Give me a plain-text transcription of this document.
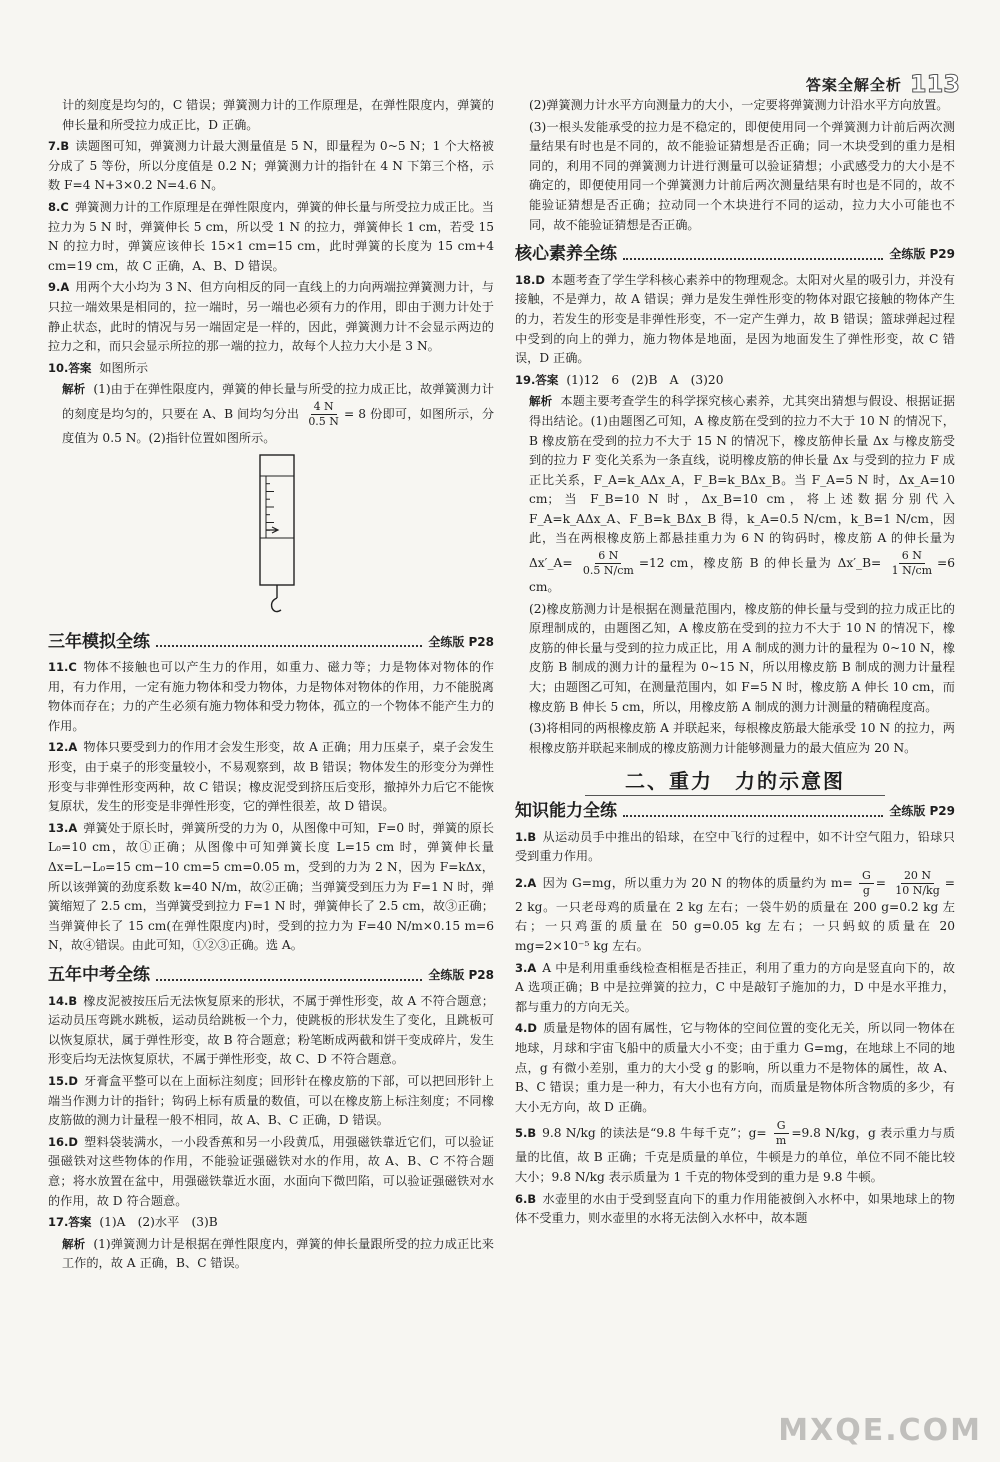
答案全解全析 113

计的刻度是均匀的，C 错误；弹簧测力计的工作原理是，在弹性限度内，弹簧的伸长量和所受拉力成正比，D 正确。

7.B 读题图可知，弹簧测力计最大测量值是 5 N，即量程为 0~5 N；1 个大格被分成了 5 等份，所以分度值是 0.2 N；弹簧测力计的指针在 4 N 下第三个格，示数 F=4 N+3×0.2 N=4.6 N。

8.C 弹簧测力计的工作原理是在弹性限度内，弹簧的伸长量与所受拉力成正比。当拉力为 5 N 时，弹簧伸长 5 cm，所以受 1 N 的拉力，弹簧伸长 1 cm，若受 15 N 的拉力时，弹簧应该伸长 15×1 cm=15 cm，此时弹簧的长度为 15 cm+4 cm=19 cm，故 C 正确，A、B、D 错误。

9.A 用两个大小均为 3 N、但方向相反的同一直线上的力向两端拉弹簧测力计，与只拉一端效果是相同的，拉一端时，另一端也必须有力的作用，即由于测力计处于静止状态，此时的情况与另一端固定是一样的，因此，弹簧测力计不会显示两边的拉力之和，而只会显示所拉的那一端的拉力，故每个人拉力大小是 3 N。

10.答案 如图所示

解析 (1)由于在弹性限度内，弹簧的伸长量与所受的拉力成正比，故弹簧测力计的刻度是均匀的，只要在 A、B 间均匀分出 $\frac{4 N}{0.5 N} = 8$ 份即可，如图所示，分度值为 0.5 N。(2)指针位置如图所示。

三年模拟全练	全练版 P28

11.C 物体不接触也可以产生力的作用，如重力、磁力等；力是物体对物体的作用，有力作用，一定有施力物体和受力物体，力是物体对物体的作用，力不能脱离物体而存在；力的产生必须有施力物体和受力物体，孤立的一个物体不能产生力的作用。

12.A 物体只要受到力的作用才会发生形变，故 A 正确；用力压桌子，桌子会发生形变，由于桌子的形变量较小，不易观察到，故 B 错误；物体发生的形变分为弹性形变与非弹性形变两种，故 C 错误；橡皮泥受到挤压后变形，撤掉外力后它不能恢复原状，发生的形变是非弹性形变，它的弹性很差，故 D 错误。

13.A 弹簧处于原长时，弹簧所受的力为 0，从图像中可知，F=0 时，弹簧的原长 L₀=10 cm，故①正确；从图像中可知弹簧长度 L=15 cm 时，弹簧伸长量 Δx=L−L₀=15 cm−10 cm=5 cm=0.05 m，受到的力为 2 N，因为 F=kΔx，所以该弹簧的劲度系数 k=40 N/m，故②正确；当弹簧受到压力为 F=1 N 时，弹簧缩短了 2.5 cm，当弹簧受到拉力 F=1 N 时，弹簧伸长了 2.5 cm，故③正确；当弹簧伸长了 15 cm(在弹性限度内)时，受到的拉力为 F=40 N/m×0.15 m=6 N，故④错误。由此可知，①②③正确。选 A。

五年中考全练	全练版 P28

14.B 橡皮泥被按压后无法恢复原来的形状，不属于弹性形变，故 A 不符合题意；运动员压弯跳水跳板，运动员给跳板一个力，使跳板的形状发生了变化，且跳板可以恢复原状，属于弹性形变，故 B 符合题意；粉笔断成两截和饼干变成碎片，发生形变后均无法恢复原状，不属于弹性形变，故 C、D 不符合题意。

15.D 牙膏盒平整可以在上面标注刻度；回形针在橡皮筋的下部，可以把回形针上端当作测力计的指针；钩码上标有质量的数值，可以在橡皮筋上标注刻度；不同橡皮筋做的测力计量程一般不相同，故 A、B、C 正确，D 错误。

16.D 塑料袋装满水，一小段香蕉和另一小段黄瓜，用强磁铁靠近它们，可以验证强磁铁对这些物体的作用，不能验证强磁铁对水的作用，故 A、B、C 不符合题意；将水放置在盆中，用强磁铁靠近水面，水面向下微凹陷，可以验证强磁铁对水的作用，故 D 符合题意。

17.答案 (1)A　(2)水平　(3)B

解析 (1)弹簧测力计是根据在弹性限度内，弹簧的伸长量跟所受的拉力成正比来工作的，故 A 正确，B、C 错误。

(2)弹簧测力计水平方向测量力的大小，一定要将弹簧测力计沿水平方向放置。

(3)一根头发能承受的拉力是不稳定的，即便使用同一个弹簧测力计前后两次测量结果有时也是不同的，故不能验证猜想是否正确；同一木块受到的重力是相同的，利用不同的弹簧测力计进行测量可以验证猜想；小武感受力的大小是不确定的，即便使用同一个弹簧测力计前后两次测量结果有时也是不同的，故不能验证猜想是否正确；拉动同一个木块进行不同的运动，拉力大小可能也不同，故不能验证猜想是否正确。

核心素养全练	全练版 P29

18.D 本题考查了学生学科核心素养中的物理观念。太阳对火星的吸引力，并没有接触，不是弹力，故 A 错误；弹力是发生弹性形变的物体对跟它接触的物体产生的力，若发生的形变是非弹性形变，不一定产生弹力，故 B 错误；篮球弹起过程中受到的向上的弹力，施力物体是地面，是因为地面发生了弹性形变，故 C 错误，D 正确。

19.答案 (1)12　6　(2)B　A　(3)20

解析 本题主要考查学生的科学探究核心素养，尤其突出猜想与假设、根据证据得出结论。(1)由题图乙可知，A 橡皮筋在受到的拉力不大于 10 N 的情况下，B 橡皮筋在受到的拉力不大于 15 N 的情况下，橡皮筋伸长量 Δx 与橡皮筋受到的拉力 F 变化关系为一条直线，说明橡皮筋的伸长量 Δx 与受到的拉力 F 成正比关系，F_A=k_AΔx_A，F_B=k_BΔx_B。当 F_A=5 N 时，Δx_A=10 cm；当 F_B=10 N 时，Δx_B=10 cm，将上述数据分别代入 F_A=k_AΔx_A、F_B=k_BΔx_B 得，k_A=0.5 N/cm，k_B=1 N/cm，因此，当在两根橡皮筋上都悬挂重力为 6 N 的钩码时，橡皮筋 A 的伸长量为 Δx′_A= $\frac{6 N}{0.5 N/cm} =12$ cm，橡皮筋 B 的伸长量为 Δx′_B= $\frac{6 N}{1 N/cm} =6$ cm。

(2)橡皮筋测力计是根据在测量范围内，橡皮筋的伸长量与受到的拉力成正比的原理制成的，由题图乙知，A 橡皮筋在受到的拉力不大于 10 N 的情况下，橡皮筋的伸长量与受到的拉力成正比，用 A 制成的测力计的量程为 0~10 N，橡皮筋 B 制成的测力计的量程为 0~15 N，所以用橡皮筋 B 制成的测力计量程大；由题图乙可知，在测量范围内，如 F=5 N 时，橡皮筋 A 伸长 10 cm，而橡皮筋 B 伸长 5 cm，所以，用橡皮筋 A 制成的测力计测量的精确程度高。

(3)将相同的两根橡皮筋 A 并联起来，每根橡皮筋最大能承受 10 N 的拉力，两根橡皮筋并联起来制成的橡皮筋测力计能够测量力的最大值应为 20 N。

二、重力　力的示意图
知识能力全练	全练版 P29

1.B 从运动员手中推出的铅球，在空中飞行的过程中，如不计空气阻力，铅球只受到重力作用。

2.A 因为 G=mg，所以重力为 20 N 的物体的质量约为 $m= \frac{G}{g} = \frac{20 N}{10 N/kg} = 2$ kg。一只老母鸡的质量在 2 kg 左右；一袋牛奶的质量在 200 g=0.2 kg 左右；一只鸡蛋的质量在 50 g=0.05 kg 左右；一只蚂蚁的质量在 20 mg=2×10⁻⁵ kg 左右。

3.A A 中是利用重垂线检查相框是否挂正，利用了重力的方向是竖直向下的，故 A 选项正确；B 中是拉弹簧的拉力，C 中是敲钉子施加的力，D 中是水平推力，都与重力的方向无关。

4.D 质量是物体的固有属性，它与物体的空间位置的变化无关，所以同一物体在地球，月球和宇宙飞船中的质量大小不变；由于重力 G=mg，在地球上不同的地点，g 有微小差别，重力的大小受 g 的影响，所以重力不是物体的属性，故 A、B、C 错误；重力是一种力，有大小也有方向，而质量是物体所含物质的多少，有大小无方向，故 D 正确。

5.B 9.8 N/kg 的读法是“9.8 牛每千克”；$g= \frac{G}{m} =9.8$ N/kg，g 表示重力与质量的比值，故 B 正确；千克是质量的单位，牛顿是力的单位，单位不同不能比较大小；9.8 N/kg 表示质量为 1 千克的物体受到的重力是 9.8 牛顿。

6.B 水壶里的水由于受到竖直向下的重力作用能被倒入水杯中，如果地球上的物体不受重力，则水壶里的水将无法倒入水杯中，故本题

MXQE.COM
